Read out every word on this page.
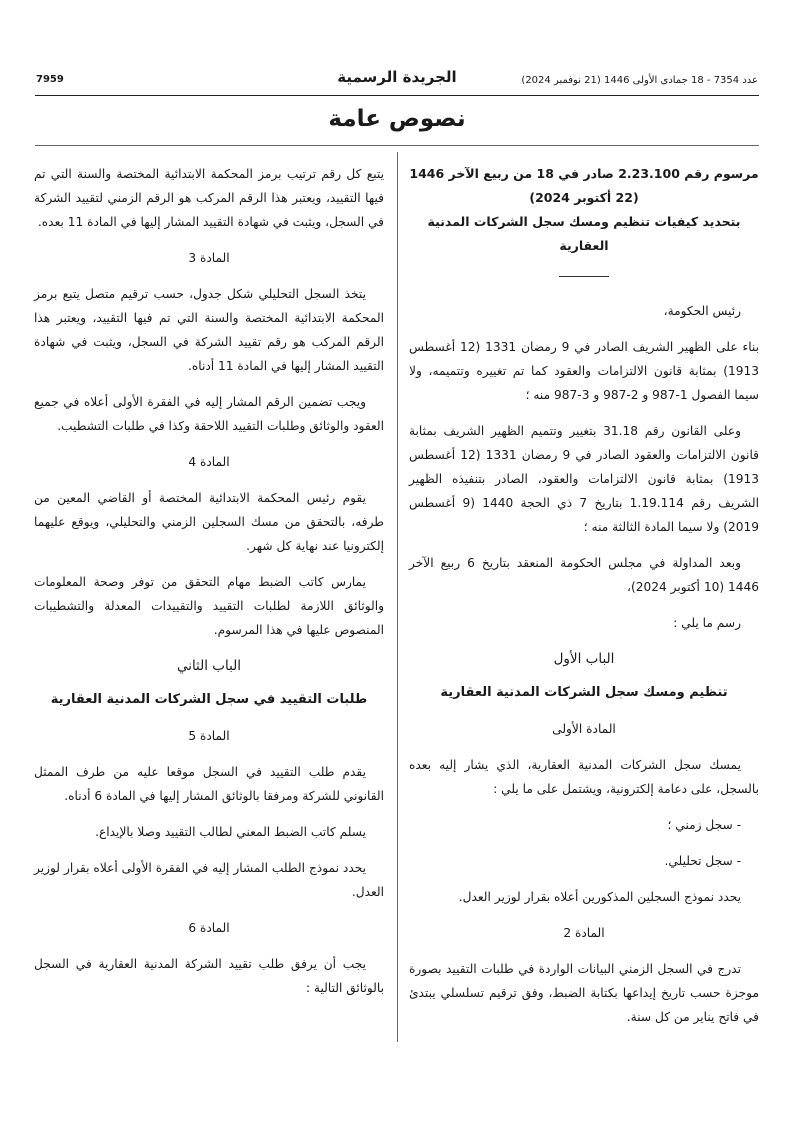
7959	الجريدة الرسمية	عدد 7354 - 18 جمادى الأولى 1446 (21 نوفمبر 2024)
نصوص عامة
مرسوم رقم 2.23.100 صادر في 18 من ربيع الآخر 1446 (22 أكتوبر 2024)
بتحديد كيفيات تنظيم ومسك سجل الشركات المدنية العقارية

رئيس الحكومة،

بناء على الظهير الشريف الصادر في 9 رمضان 1331 (12 أغسطس 1913) بمثابة قانون الالتزامات والعقود كما تم تغييره وتتميمه، ولا سيما الفصول 1-987 و 2-987 و 3-987 منه ؛

وعلى القانون رقم 31.18 بتغيير وتتميم الظهير الشريف بمثابة قانون الالتزامات والعقود الصادر في 9 رمضان 1331 (12 أغسطس 1913) بمثابة قانون الالتزامات والعقود، الصادر بتنفيذه الظهير الشريف رقم 1.19.114 بتاريخ 7 ذي الحجة 1440 (9 أغسطس 2019) ولا سيما المادة الثالثة منه ؛

وبعد المداولة في مجلس الحكومة المنعقد بتاريخ 6 ربيع الآخر 1446 (10 أكتوبر 2024)،

رسم ما يلي :

الباب الأول
تنظيم ومسك سجل الشركات المدنية العقارية
المادة الأولى

يمسك سجل الشركات المدنية العقارية، الذي يشار إليه بعده بالسجل، على دعامة إلكترونية، ويشتمل على ما يلي :

- سجل زمني ؛

- سجل تحليلي.

يحدد نموذج السجلين المذكورين أعلاه بقرار لوزير العدل.

المادة 2

تدرج في السجل الزمني البيانات الواردة في طلبات التقييد بصورة موجزة حسب تاريخ إيداعها بكتابة الضبط، وفق ترقيم تسلسلي يبتدئ في فاتح يناير من كل سنة.

يتبع كل رقم ترتيب برمز المحكمة الابتدائية المختصة والسنة التي تم فيها التقييد، ويعتبر هذا الرقم المركب هو الرقم الزمني لتقييد الشركة في السجل، ويثبت في شهادة التقييد المشار إليها في المادة 11 بعده.

المادة 3

يتخذ السجل التحليلي شكل جدول، حسب ترقيم متصل يتبع برمز المحكمة الابتدائية المختصة والسنة التي تم فيها التقييد، ويعتبر هذا الرقم المركب هو رقم تقييد الشركة في السجل، ويثبت في شهادة التقييد المشار إليها في المادة 11 أدناه.

ويجب تضمين الرقم المشار إليه في الفقرة الأولى أعلاه في جميع العقود والوثائق وطلبات التقييد اللاحقة وكذا في طلبات التشطيب.

المادة 4

يقوم رئيس المحكمة الابتدائية المختصة أو القاضي المعين من طرفه، بالتحقق من مسك السجلين الزمني والتحليلي، ويوقع عليهما إلكترونيا عند نهاية كل شهر.

يمارس كاتب الضبط مهام التحقق من توفر وصحة المعلومات والوثائق اللازمة لطلبات التقييد والتقييدات المعدلة والتشطيبات المنصوص عليها في هذا المرسوم.

الباب الثاني
طلبات التقييد في سجل الشركات المدنية العقارية
المادة 5

يقدم طلب التقييد في السجل موقعا عليه من طرف الممثل القانوني للشركة ومرفقا بالوثائق المشار إليها في المادة 6 أدناه.

يسلم كاتب الضبط المعني لطالب التقييد وصلا بالإيداع.

يحدد نموذج الطلب المشار إليه في الفقرة الأولى أعلاه بقرار لوزير العدل.

المادة 6

يجب أن يرفق طلب تقييد الشركة المدنية العقارية في السجل بالوثائق التالية :
